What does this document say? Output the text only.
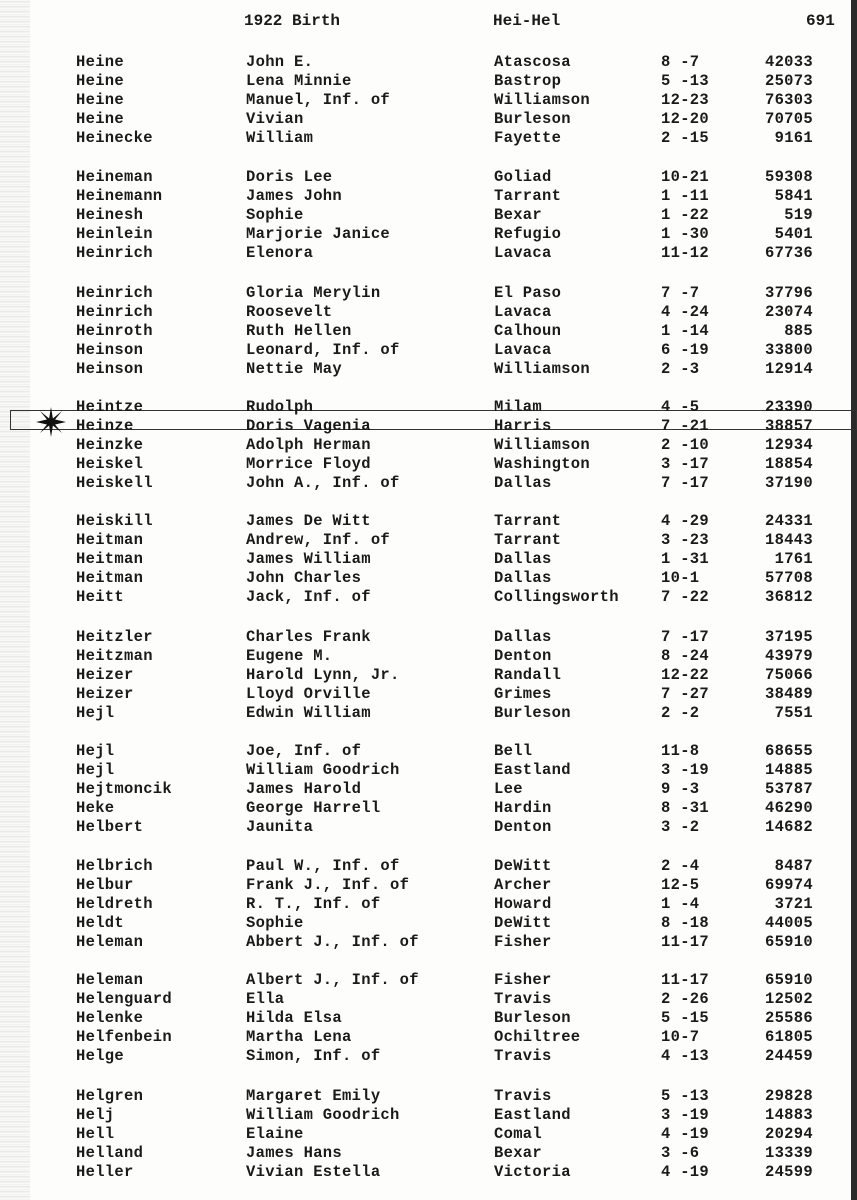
1922 Birth	Hei-Hel	691
Heine	John E.	Atascosa	8 -7	42033
Heine	Lena Minnie	Bastrop	5 -13	25073
Heine	Manuel, Inf. of	Williamson	12-23	76303
Heine	Vivian	Burleson	12-20	70705
Heinecke	William	Fayette	2 -15	9161
Heineman	Doris Lee	Goliad	10-21	59308
Heinemann	James John	Tarrant	1 -11	5841
Heinesh	Sophie	Bexar	1 -22	519
Heinlein	Marjorie Janice	Refugio	1 -30	5401
Heinrich	Elenora	Lavaca	11-12	67736
Heinrich	Gloria Merylin	El Paso	7 -7	37796
Heinrich	Roosevelt	Lavaca	4 -24	23074
Heinroth	Ruth Hellen	Calhoun	1 -14	885
Heinson	Leonard, Inf. of	Lavaca	6 -19	33800
Heinson	Nettie May	Williamson	2 -3	12914
Heintze	Rudolph	Milam	4 -5	23390
Heinze	Doris Vagenia	Harris	7 -21	38857
Heinzke	Adolph Herman	Williamson	2 -10	12934
Heiskel	Morrice Floyd	Washington	3 -17	18854
Heiskell	John A., Inf. of	Dallas	7 -17	37190
Heiskill	James De Witt	Tarrant	4 -29	24331
Heitman	Andrew, Inf. of	Tarrant	3 -23	18443
Heitman	James William	Dallas	1 -31	1761
Heitman	John Charles	Dallas	10-1	57708
Heitt	Jack, Inf. of	Collingsworth	7 -22	36812
Heitzler	Charles Frank	Dallas	7 -17	37195
Heitzman	Eugene M.	Denton	8 -24	43979
Heizer	Harold Lynn, Jr.	Randall	12-22	75066
Heizer	Lloyd Orville	Grimes	7 -27	38489
Hejl	Edwin William	Burleson	2 -2	7551
Hejl	Joe, Inf. of	Bell	11-8	68655
Hejl	William Goodrich	Eastland	3 -19	14885
Hejtmoncik	James Harold	Lee	9 -3	53787
Heke	George Harrell	Hardin	8 -31	46290
Helbert	Jaunita	Denton	3 -2	14682
Helbrich	Paul W., Inf. of	DeWitt	2 -4	8487
Helbur	Frank J., Inf. of	Archer	12-5	69974
Heldreth	R. T., Inf. of	Howard	1 -4	3721
Heldt	Sophie	DeWitt	8 -18	44005
Heleman	Abbert J., Inf. of	Fisher	11-17	65910
Heleman	Albert J., Inf. of	Fisher	11-17	65910
Helenguard	Ella	Travis	2 -26	12502
Helenke	Hilda Elsa	Burleson	5 -15	25586
Helfenbein	Martha Lena	Ochiltree	10-7	61805
Helge	Simon, Inf. of	Travis	4 -13	24459
Helgren	Margaret Emily	Travis	5 -13	29828
Helj	William Goodrich	Eastland	3 -19	14883
Hell	Elaine	Comal	4 -19	20294
Helland	James Hans	Bexar	3 -6	13339
Heller	Vivian Estella	Victoria	4 -19	24599
